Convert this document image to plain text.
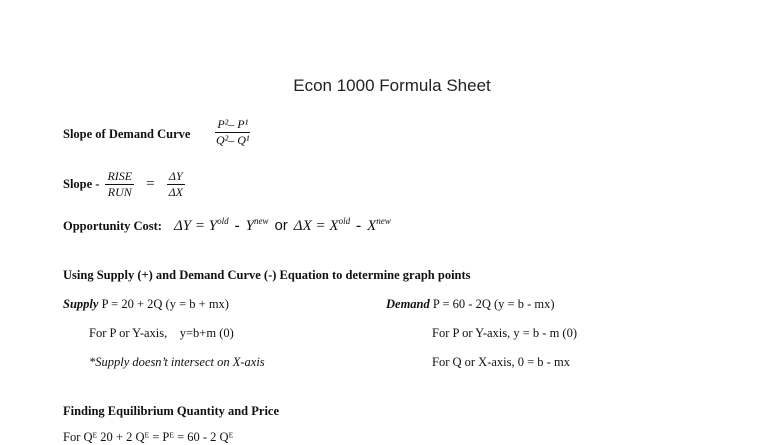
Econ 1000 Formula Sheet
Slope of Demand Curve $\frac{\text{P²– P¹}}{\text{Q²– Q¹}}$
Slope - $\frac{\text{RISE}}{\text{RUN}} = \frac{\Delta Y}{\Delta X}$
Opportunity Cost: $\Delta Y = Y^{old} - Y^{new}$ or $\Delta X = X^{old} - X^{new}$
Using Supply (+) and Demand Curve (-) Equation to determine graph points
Supply P = 20 + 2Q (y = b + mx)	Demand P = 60 - 2Q (y = b - mx)
For P or Y-axis,    y=b+m (0)	For P or Y-axis, y = b - m (0)
*Supply doesn’t intersect on X-axis	For Q or X-axis, 0 = b - mx
Finding Equilibrium Quantity and Price
For Qᴱ 20 + 2 Qᴱ = Pᴱ = 60 - 2 Qᴱ
